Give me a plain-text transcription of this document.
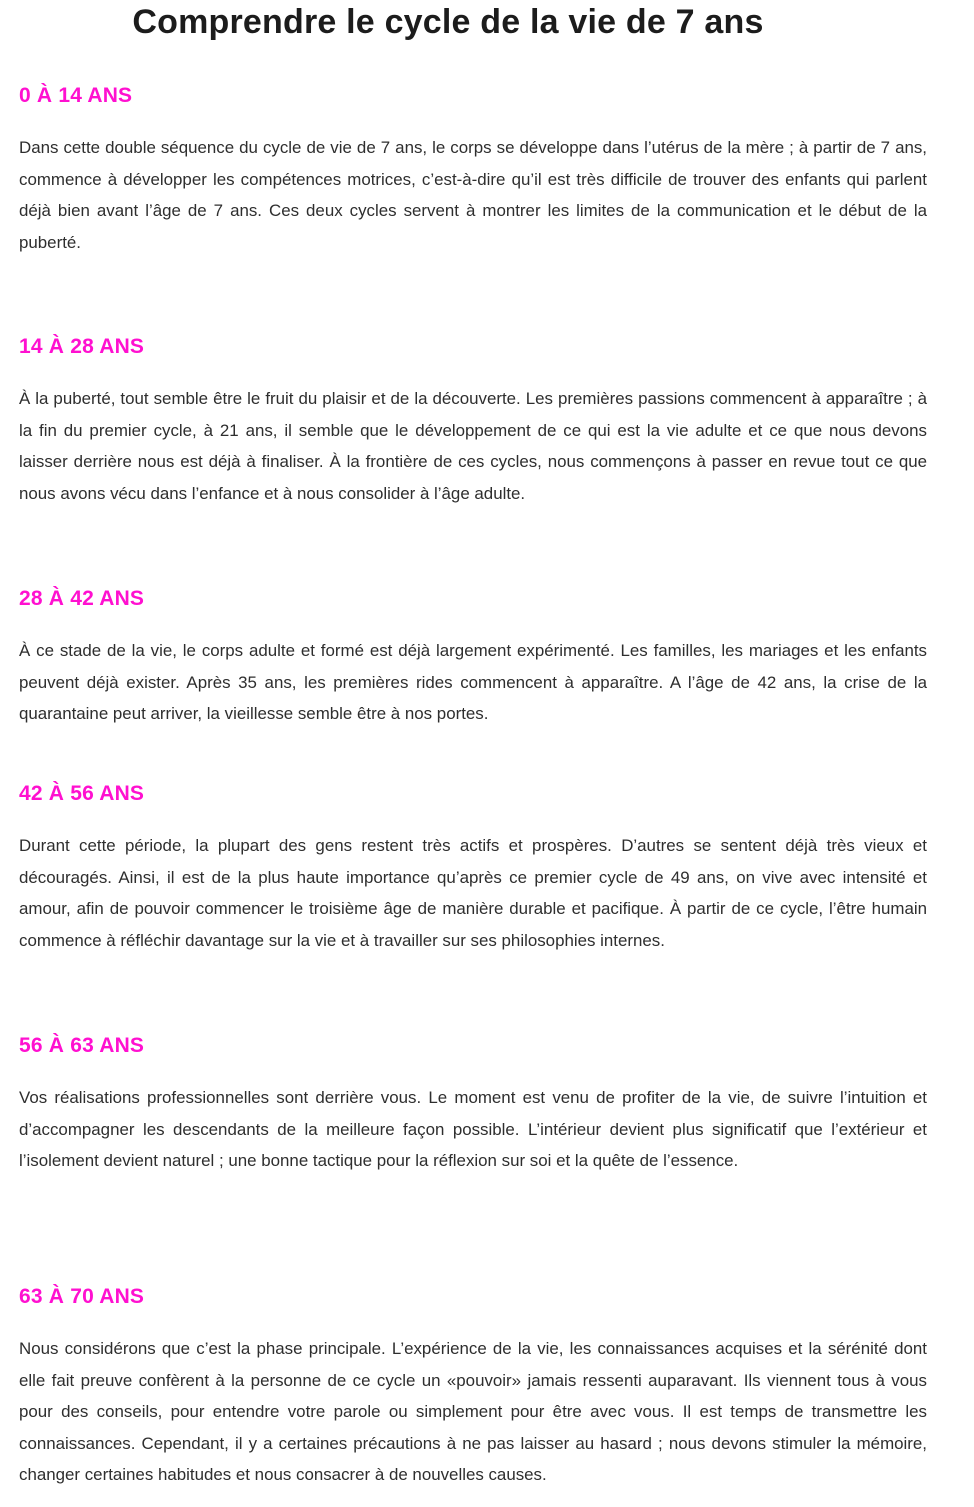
Comprendre le cycle de la vie de 7 ans
0 À 14 ANS

Dans cette double séquence du cycle de vie de 7 ans, le corps se développe dans l’utérus de la mère ; à partir de 7 ans, commence à développer les compétences motrices, c’est-à-dire qu’il est très difficile de trouver des enfants qui parlent déjà bien avant l’âge de 7 ans. Ces deux cycles servent à montrer les limites de la communication et le début de la puberté.

14 À 28 ANS

À la puberté, tout semble être le fruit du plaisir et de la découverte. Les premières passions commencent à apparaître ; à la fin du premier cycle, à 21 ans, il semble que le développement de ce qui est la vie adulte et ce que nous devons laisser derrière nous est déjà à finaliser. À la frontière de ces cycles, nous commençons à passer en revue tout ce que nous avons vécu dans l’enfance et à nous consolider à l’âge adulte.

28 À 42 ANS

À ce stade de la vie, le corps adulte et formé est déjà largement expérimenté. Les familles, les mariages et les enfants peuvent déjà exister. Après 35 ans, les premières rides commencent à apparaître. A l’âge de 42 ans, la crise de la quarantaine peut arriver, la vieillesse semble être à nos portes.

42 À 56 ANS

Durant cette période, la plupart des gens restent très actifs et prospères. D’autres se sentent déjà très vieux et découragés. Ainsi, il est de la plus haute importance qu’après ce premier cycle de 49 ans, on vive avec intensité et amour, afin de pouvoir commencer le troisième âge de manière durable et pacifique. À partir de ce cycle, l’être humain commence à réfléchir davantage sur la vie et à travailler sur ses philosophies internes.

56 À 63 ANS

Vos réalisations professionnelles sont derrière vous. Le moment est venu de profiter de la vie, de suivre l’intuition et d’accompagner les descendants de la meilleure façon possible. L’intérieur devient plus significatif que l’extérieur et l’isolement devient naturel ; une bonne tactique pour la réflexion sur soi et la quête de l’essence.

63 À 70 ANS

Nous considérons que c’est la phase principale. L’expérience de la vie, les connaissances acquises et la sérénité dont elle fait preuve confèrent à la personne de ce cycle un «pouvoir» jamais ressenti auparavant. Ils viennent tous à vous pour des conseils, pour entendre votre parole ou simplement pour être avec vous. Il est temps de transmettre les connaissances. Cependant, il y a certaines précautions à ne pas laisser au hasard ; nous devons stimuler la mémoire, changer certaines habitudes et nous consacrer à de nouvelles causes.
